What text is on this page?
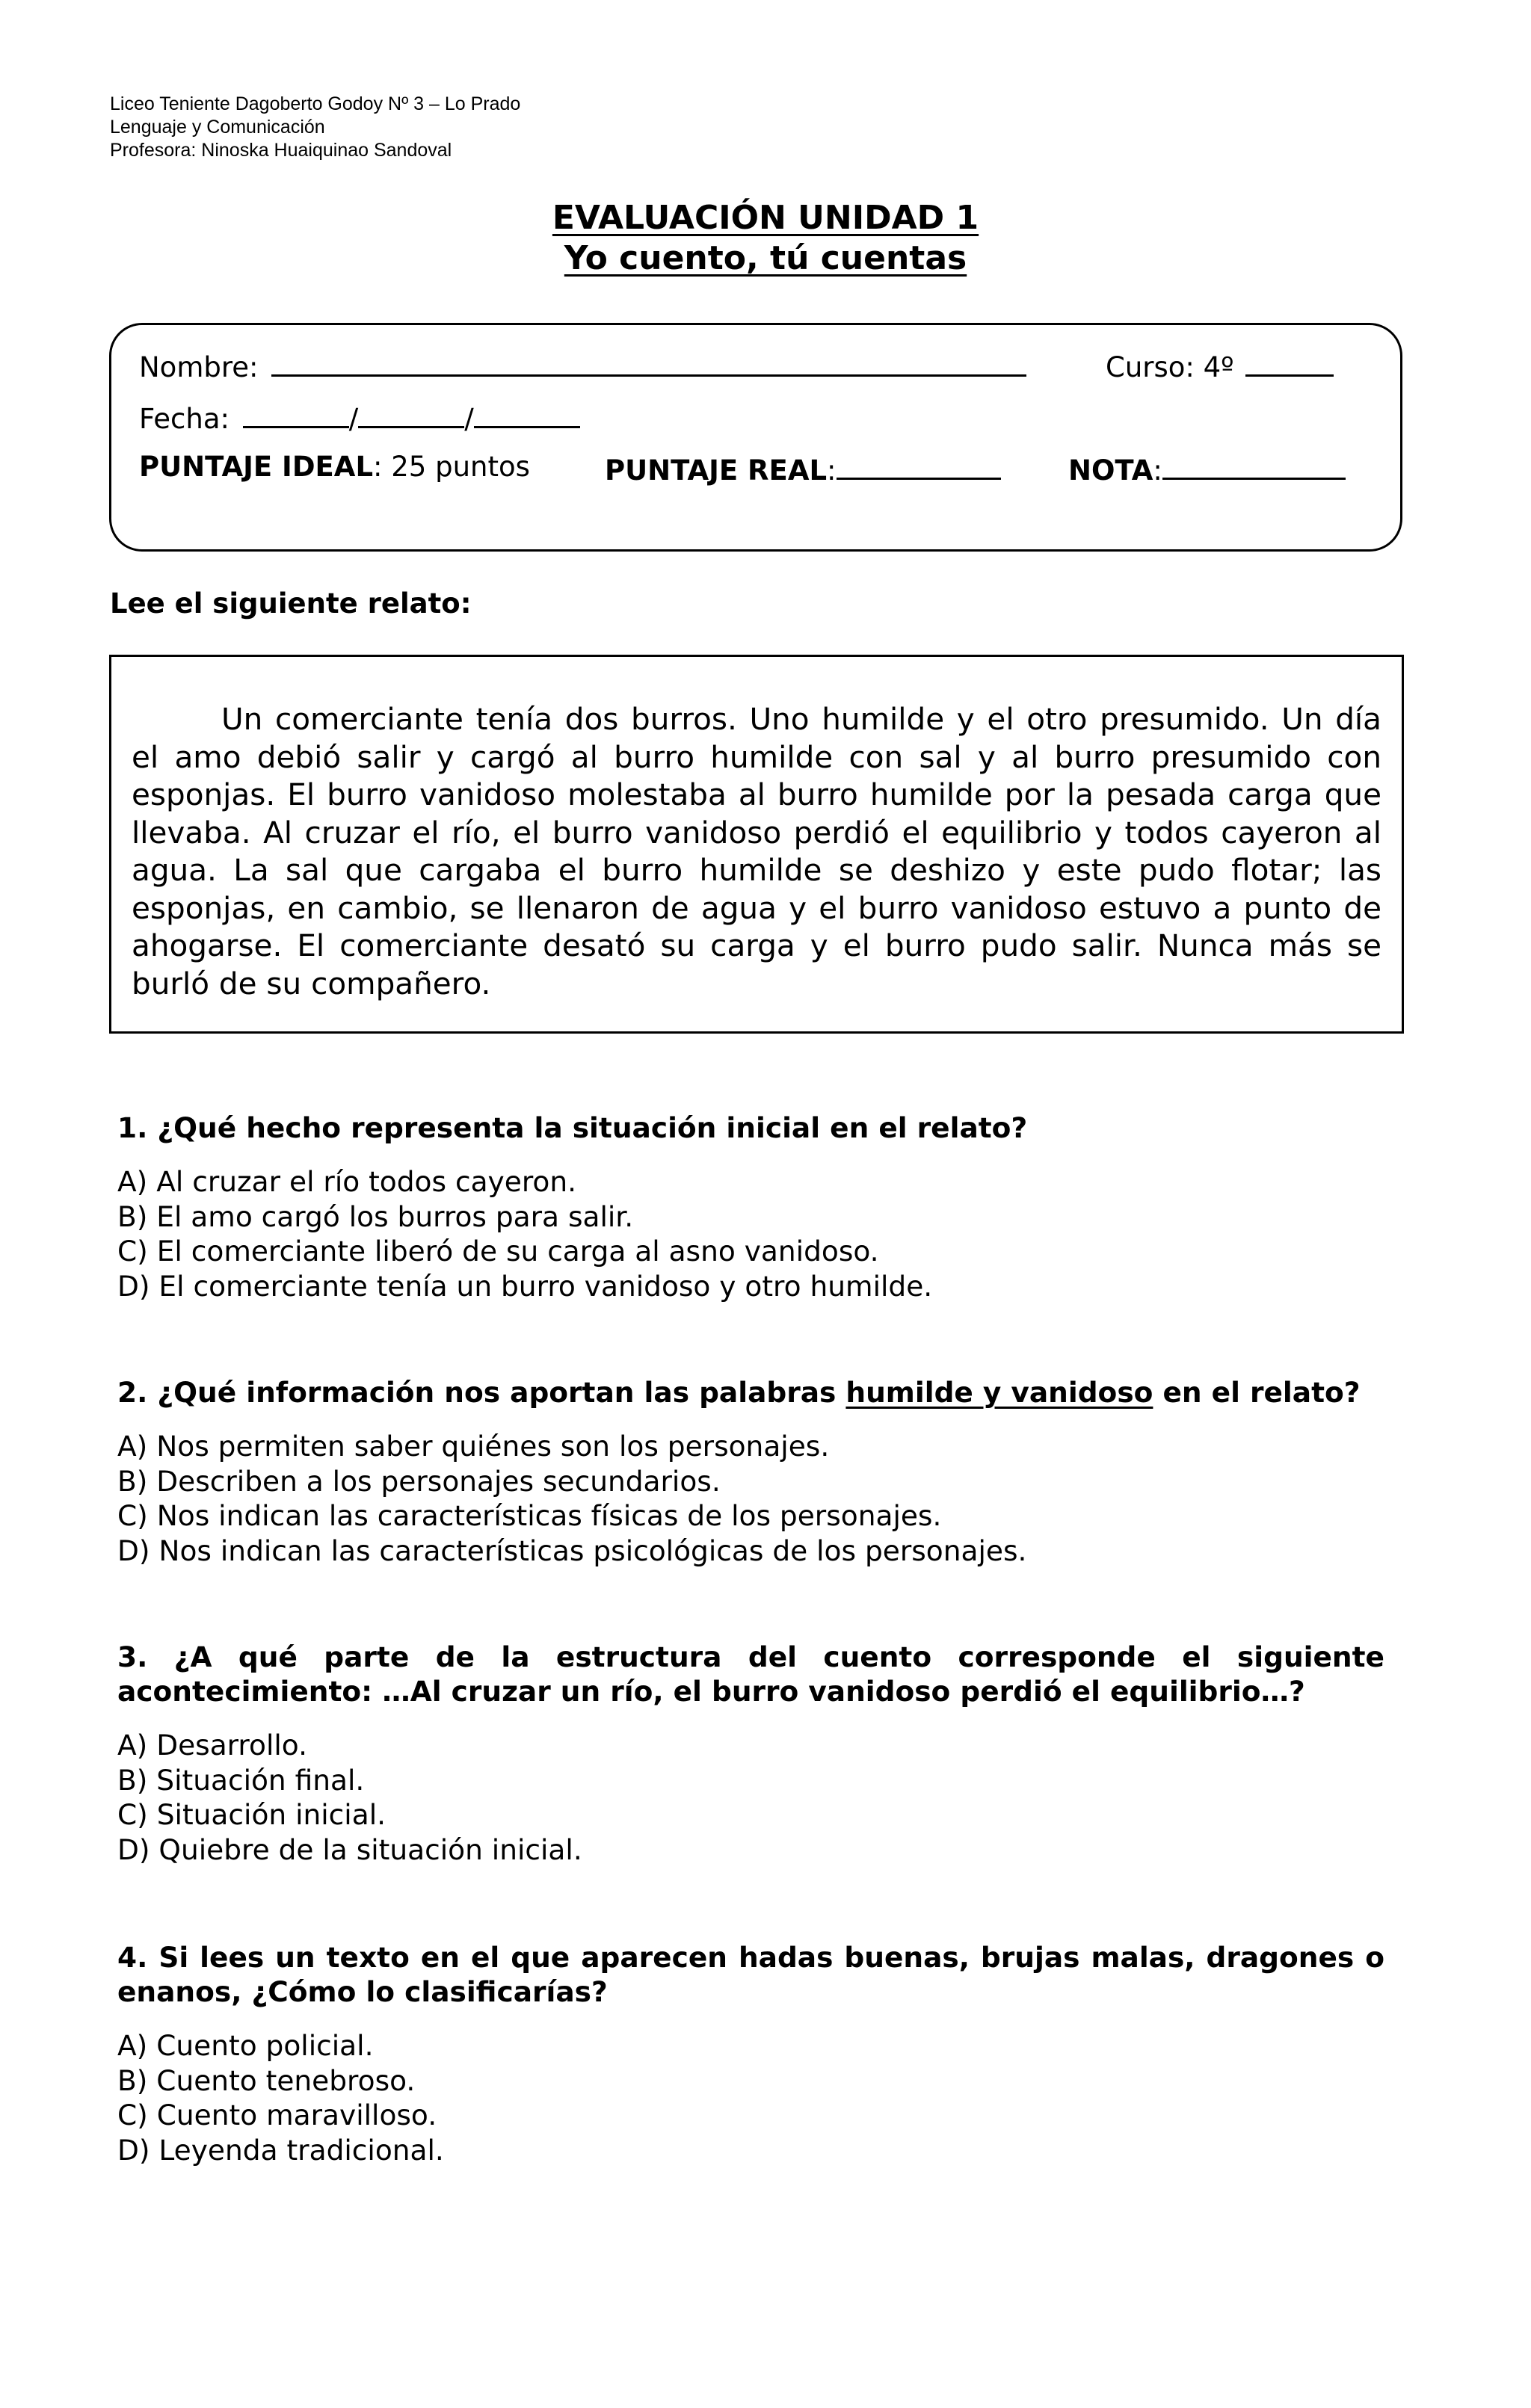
Liceo Teniente Dagoberto Godoy Nº 3 – Lo Prado
Lenguaje y Comunicación
Profesora: Ninoska Huaiquinao Sandoval
EVALUACIÓN UNIDAD 1
Yo cuento, tú cuentas
Nombre:	Curso: 4º
Fecha:	/	/
PUNTAJE IDEAL: 25 puntos	PUNTAJE REAL:	NOTA:
Lee el siguiente relato:
Un comerciante tenía dos burros. Uno humilde y el otro presumido. Un día el amo debió salir y cargó al burro humilde con sal y al burro presumido con esponjas. El burro vanidoso molestaba al burro humilde por la pesada carga que llevaba. Al cruzar el río, el burro vanidoso perdió el equilibrio y todos cayeron al agua. La sal que cargaba el burro humilde se deshizo y este pudo flotar; las esponjas, en cambio, se llenaron de agua y el burro vanidoso estuvo a punto de ahogarse. El comerciante desató su carga y el burro pudo salir. Nunca más se burló de su compañero.
1. ¿Qué hecho representa la situación inicial en el relato?
A) Al cruzar el río todos cayeron.
B) El amo cargó los burros para salir.
C) El comerciante liberó de su carga al asno vanidoso.
D) El comerciante tenía un burro vanidoso y otro humilde.
2. ¿Qué información nos aportan las palabras humilde y vanidoso en el relato?
A) Nos permiten saber quiénes son los personajes.
B) Describen a los personajes secundarios.
C) Nos indican las características físicas de los personajes.
D) Nos indican las características psicológicas de los personajes.
3. ¿A qué parte de la estructura del cuento corresponde el siguiente acontecimiento: …Al cruzar un río, el burro vanidoso perdió el equilibrio…?
A) Desarrollo.
B) Situación final.
C) Situación inicial.
D) Quiebre de la situación inicial.
4. Si lees un texto en el que aparecen hadas buenas, brujas malas, dragones o enanos, ¿Cómo lo clasificarías?
A) Cuento policial.
B) Cuento tenebroso.
C) Cuento maravilloso.
D) Leyenda tradicional.
